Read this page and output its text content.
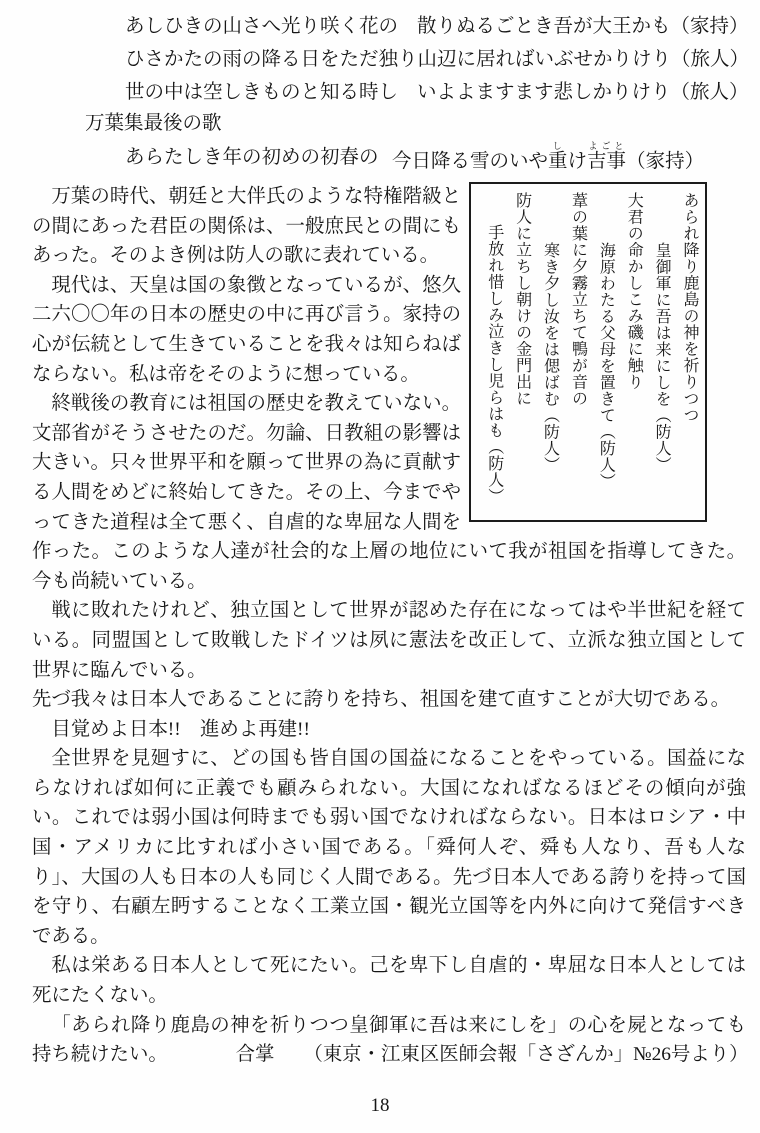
あしひきの山さへ光り咲く花の 散りぬるごとき吾が大王かも（家持）
ひさかたの雨の降る日をただ独り 山辺に居ればいぶせかりけり（旅人）
世の中は空しきものと知る時し いよよますます悲しかりけり（旅人）
万葉集最後の歌
あらたしき年の初めの初春の 今日降る雪のいや重しけ吉事よごと（家持）
あられ降り鹿島の神を祈りつつ
皇御軍に吾は来にしを（防人）
大君の命かしこみ磯に触り
海原わたる父母を置きて（防人）
葦の葉に夕霧立ちて鴨が音の
寒き夕し汝をは偲ばむ（防人）
防人に立ちし朝けの金門出に
手放れ惜しみ泣きし児らはも（防人）
万葉の時代、朝廷と大伴氏のような特権階級との間にあった君臣の関係は、一般庶民との間にもあった。そのよき例は防人の歌に表れている。
現代は、天皇は国の象徴となっているが、悠久二六〇〇年の日本の歴史の中に再び言う。家持の心が伝統として生きていることを我々は知らねばならない。私は帝をそのように想っている。
終戦後の教育には祖国の歴史を教えていない。文部省がそうさせたのだ。勿論、日教組の影響は大きい。只々世界平和を願って世界の為に貢献する人間をめどに終始してきた。その上、今までやってきた道程は全て悪く、自虐的な卑屈な人間を作った。このような人達が社会的な上層の地位にいて我が祖国を指導してきた。今も尚続いている。
戦に敗れたけれど、独立国として世界が認めた存在になってはや半世紀を経ている。同盟国として敗戦したドイツは夙に憲法を改正して、立派な独立国として世界に臨んでいる。
先づ我々は日本人であることに誇りを持ち、祖国を建て直すことが大切である。
目覚めよ日本!!　進めよ再建!!
全世界を見廻すに、どの国も皆自国の国益になることをやっている。国益にならなければ如何に正義でも顧みられない。大国になればなるほどその傾向が強い。これでは弱小国は何時までも弱い国でなければならない。日本はロシア・中国・アメリカに比すれば小さい国である。「舜何人ぞ、舜も人なり、吾も人なり」、大国の人も日本の人も同じく人間である。先づ日本人である誇りを持って国を守り、右顧左眄することなく工業立国・観光立国等を内外に向けて発信すべきである。
私は栄ある日本人として死にたい。己を卑下し自虐的・卑屈な日本人としては死にたくない。
「あられ降り鹿島の神を祈りつつ皇御軍に吾は来にしを」の心を屍となっても持ち続けたい。　　　　合掌　　（東京・江東区医師会報「さざんか」№26号より）
18
